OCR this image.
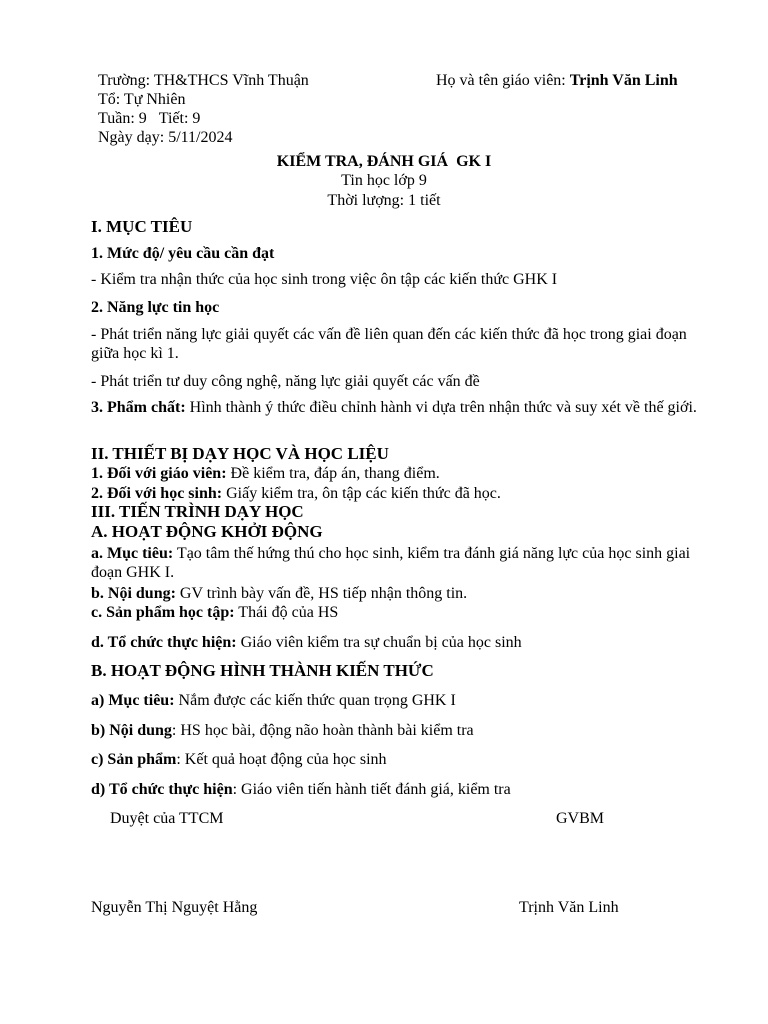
Trường: TH&THCS Vĩnh Thuận	Họ và tên giáo viên: Trịnh Văn Linh
Tổ: Tự Nhiên
Tuần: 9 Tiết: 9
Ngày dạy: 5/11/2024
KIỂM TRA, ĐÁNH GIÁ  GK I
Tin học lớp 9
Thời lượng: 1 tiết
I. MỤC TIÊU
1. Mức độ/ yêu cầu cần đạt
- Kiểm tra nhận thức của học sinh trong việc ôn tập các kiến thức GHK I
2. Năng lực tin học
- Phát triển năng lực giải quyết các vấn đề liên quan đến các kiến thức đã học trong giai đoạn giữa học kì 1.
- Phát triển tư duy công nghệ, năng lực giải quyết các vấn đề
3. Phẩm chất: Hình thành ý thức điều chỉnh hành vi dựa trên nhận thức và suy xét về thế giới.
II. THIẾT BỊ DẠY HỌC VÀ HỌC LIỆU
1. Đối với giáo viên: Đề kiểm tra, đáp án, thang điểm.
2. Đối với học sinh: Giấy kiểm tra, ôn tập các kiến thức đã học.
III. TIẾN TRÌNH DẠY HỌC
A. HOẠT ĐỘNG KHỞI ĐỘNG
a. Mục tiêu: Tạo tâm thế hứng thú cho học sinh, kiểm tra đánh giá năng lực của học sinh giai đoạn GHK I.
b. Nội dung: GV trình bày vấn đề, HS tiếp nhận thông tin.
c. Sản phẩm học tập: Thái độ của HS
d. Tổ chức thực hiện: Giáo viên kiểm tra sự chuẩn bị của học sinh
B. HOẠT ĐỘNG HÌNH THÀNH KIẾN THỨC
a) Mục tiêu: Nắm được các kiến thức quan trọng GHK I
b) Nội dung: HS học bài, động não hoàn thành bài kiểm tra
c) Sản phẩm: Kết quả hoạt động của học sinh
d) Tổ chức thực hiện: Giáo viên tiến hành tiết đánh giá, kiểm tra
Duyệt của TTCM	GVBM
Nguyễn Thị Nguyệt Hằng	Trịnh Văn Linh
